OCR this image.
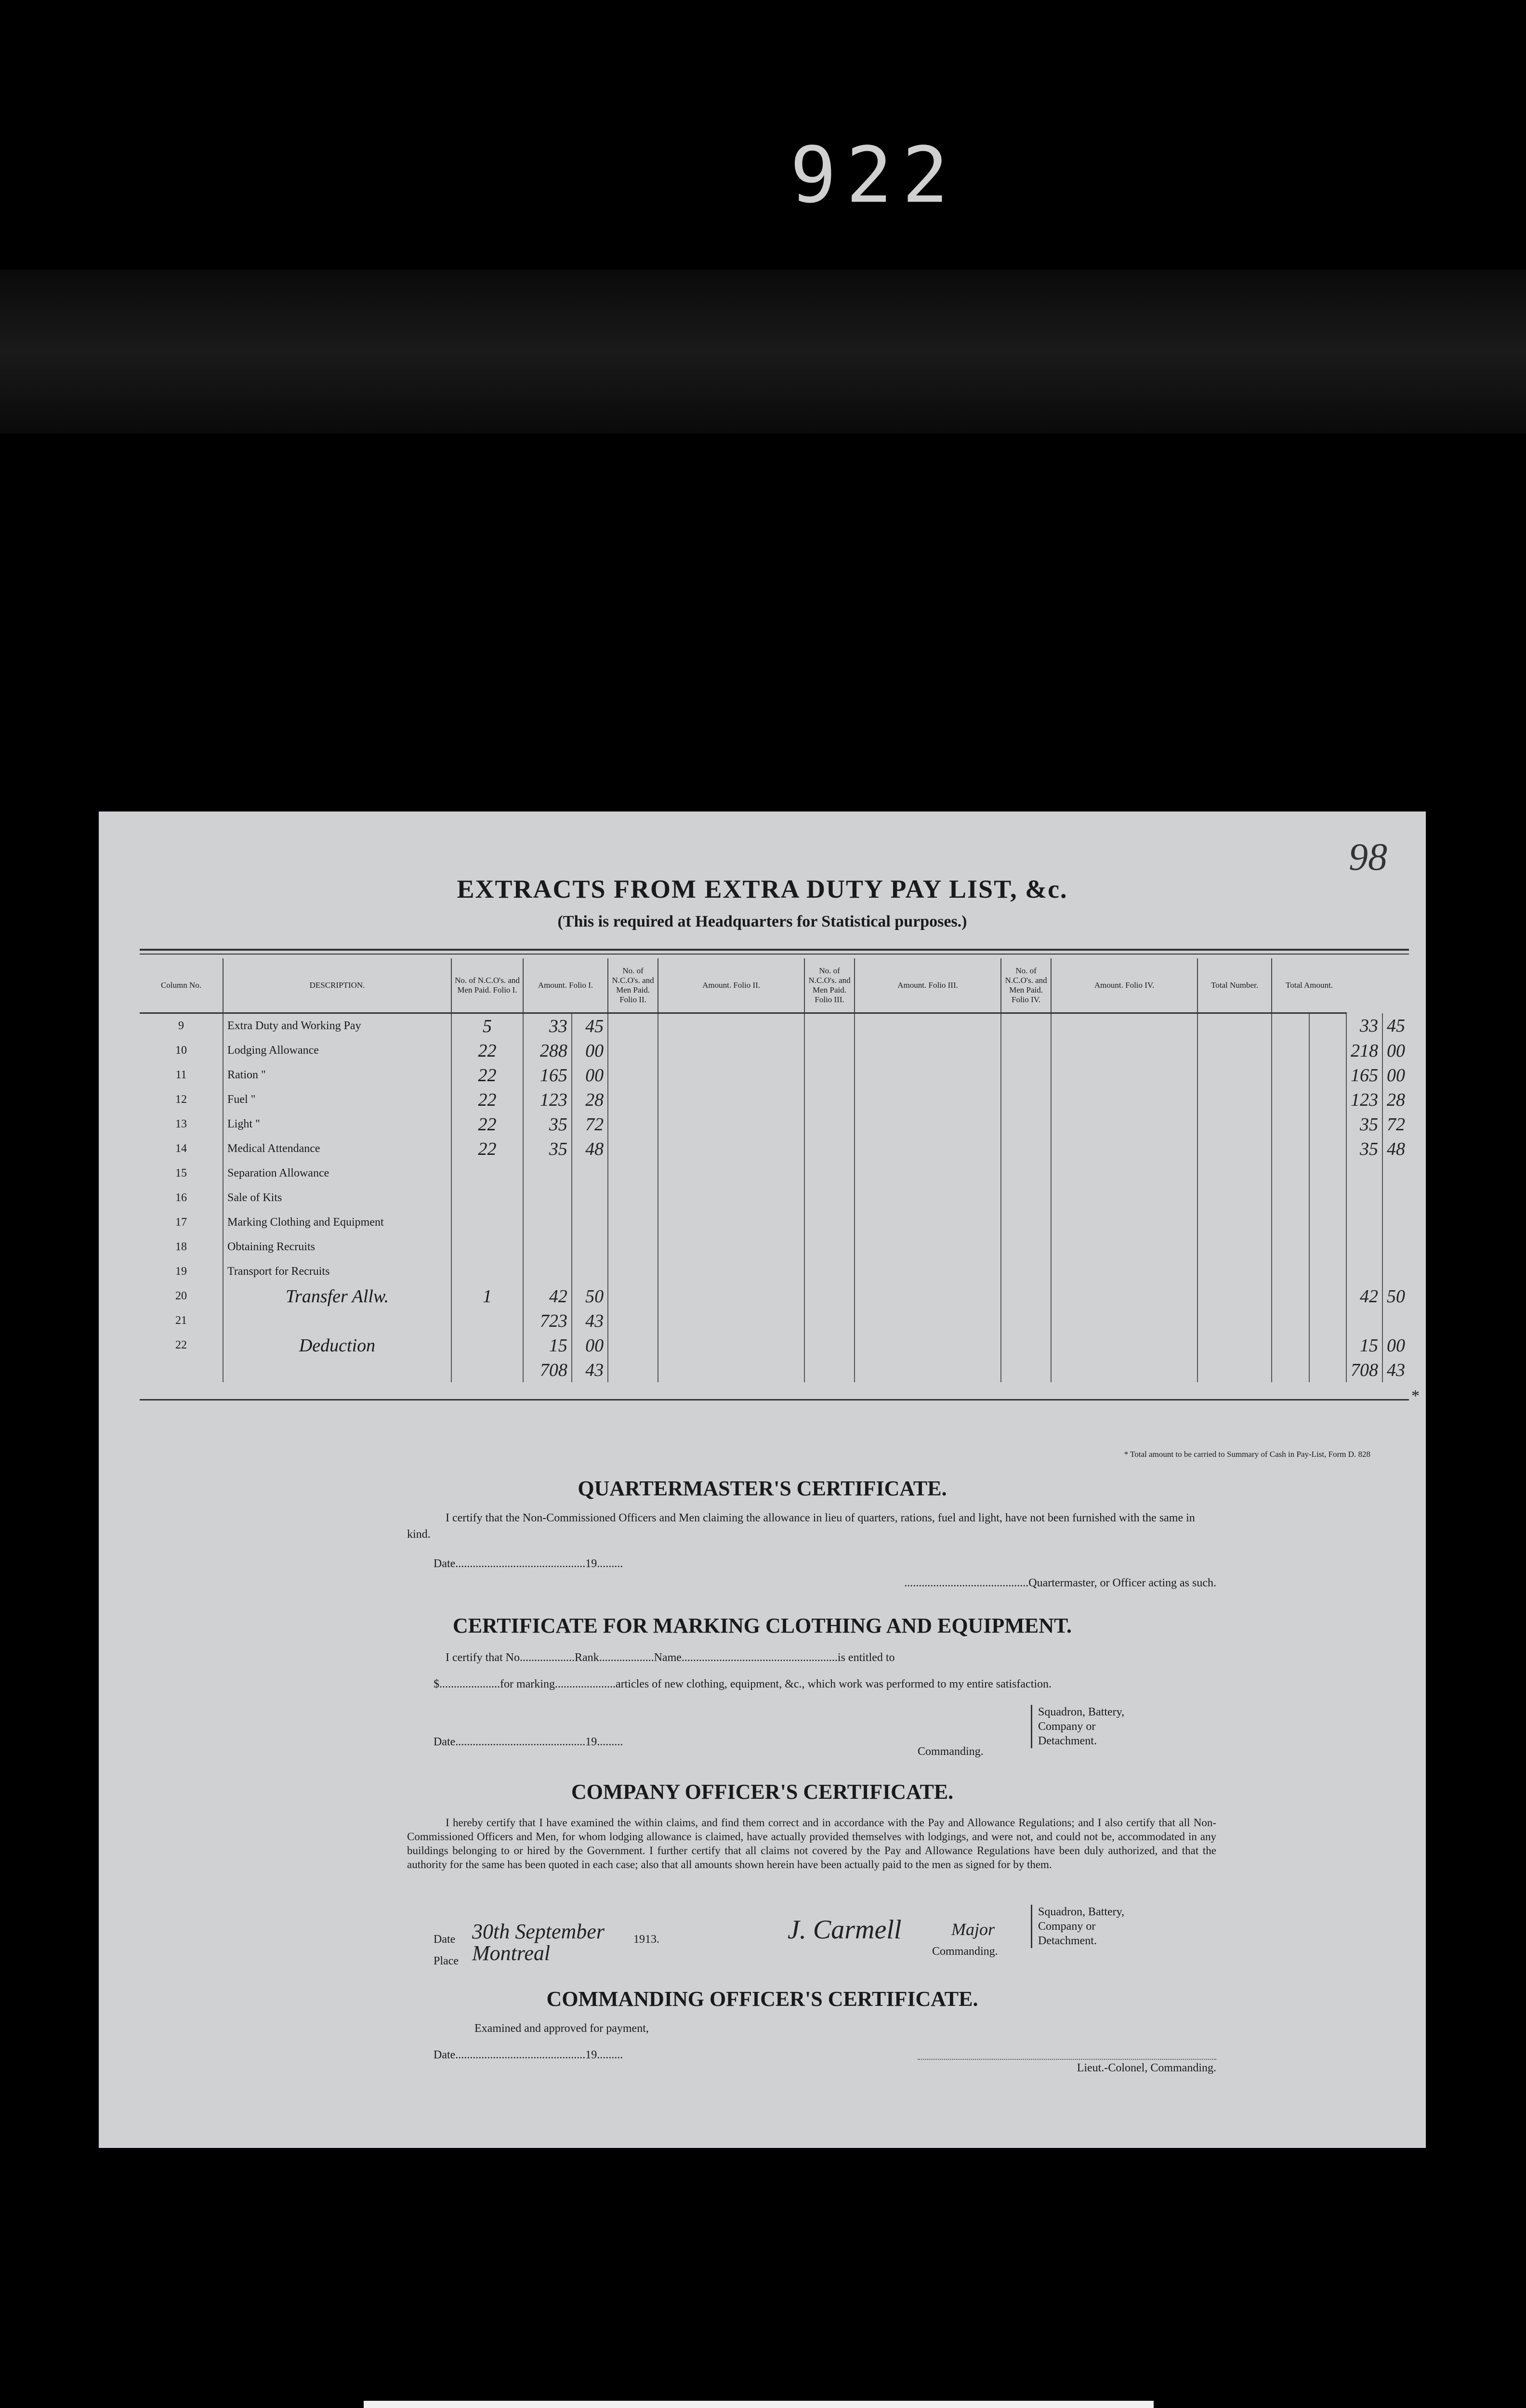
922
EXTRACTS FROM EXTRA DUTY PAY LIST, &c.
(This is required at Headquarters for Statistical purposes.)
Column No.	DESCRIPTION.	No. of N.C.O's. and Men Paid. Folio I.	Amount. Folio I.		No. of N.C.O's. and Men Paid. Folio II.	Amount. Folio II.	No. of N.C.O's. and Men Paid. Folio III.	Amount. Folio III.	No. of N.C.O's. and Men Paid. Folio IV.	Amount. Folio IV.	Total Number.	Total Amount.			
9	Extra Duty and Working Pay	5	33	45										33	45
10	Lodging Allowance	22	288	00										218	00
11	Ration "	22	165	00										165	00
12	Fuel "	22	123	28										123	28
13	Light "	22	35	72										35	72
14	Medical Attendance	22	35	48										35	48
15	Separation Allowance														
16	Sale of Kits														
17	Marking Clothing and Equipment														
18	Obtaining Recruits														
19	Transport for Recruits														
20	Transfer Allw.	1	42	50										42	50
21			723	43											
22	Deduction		15	00										15	00
			708	43										708	43
* Total amount to be carried to Summary of Cash in Pay-List, Form D. 828
QUARTERMASTER'S CERTIFICATE.
I certify that the Non-Commissioned Officers and Men claiming the allowance in lieu of quarters, rations, fuel and light, have not been furnished with the same in kind.
Date.............................................19.........
...........................................Quartermaster, or Officer acting as such.
CERTIFICATE FOR MARKING CLOTHING AND EQUIPMENT.
I certify that No...................Rank...................Name......................................................is entitled to
$.....................for marking.....................articles of new clothing, equipment, &c., which work was performed to my entire satisfaction.
Date.............................................19.........
Commanding.
Squadron, Battery, Company or Detachment.
COMPANY OFFICER'S CERTIFICATE.
I hereby certify that I have examined the within claims, and find them correct and in accordance with the Pay and Allowance Regulations; and I also certify that all Non-Commissioned Officers and Men, for whom lodging allowance is claimed, have actually provided themselves with lodgings, and were not, and could not be, accommodated in any buildings belonging to or hired by the Government. I further certify that all claims not covered by the Pay and Allowance Regulations have been duly authorized, and that the authority for the same has been quoted in each case; also that all amounts shown herein have been actually paid to the men as signed for by them.
Date 30th September	1913.
Place Montreal
J. Carmell	Major
Commanding.
Squadron, Battery, Company or Detachment.
COMMANDING OFFICER'S CERTIFICATE.
Examined and approved for payment,
Date.............................................19.........
Lieut.-Colonel, Commanding.
*
98
